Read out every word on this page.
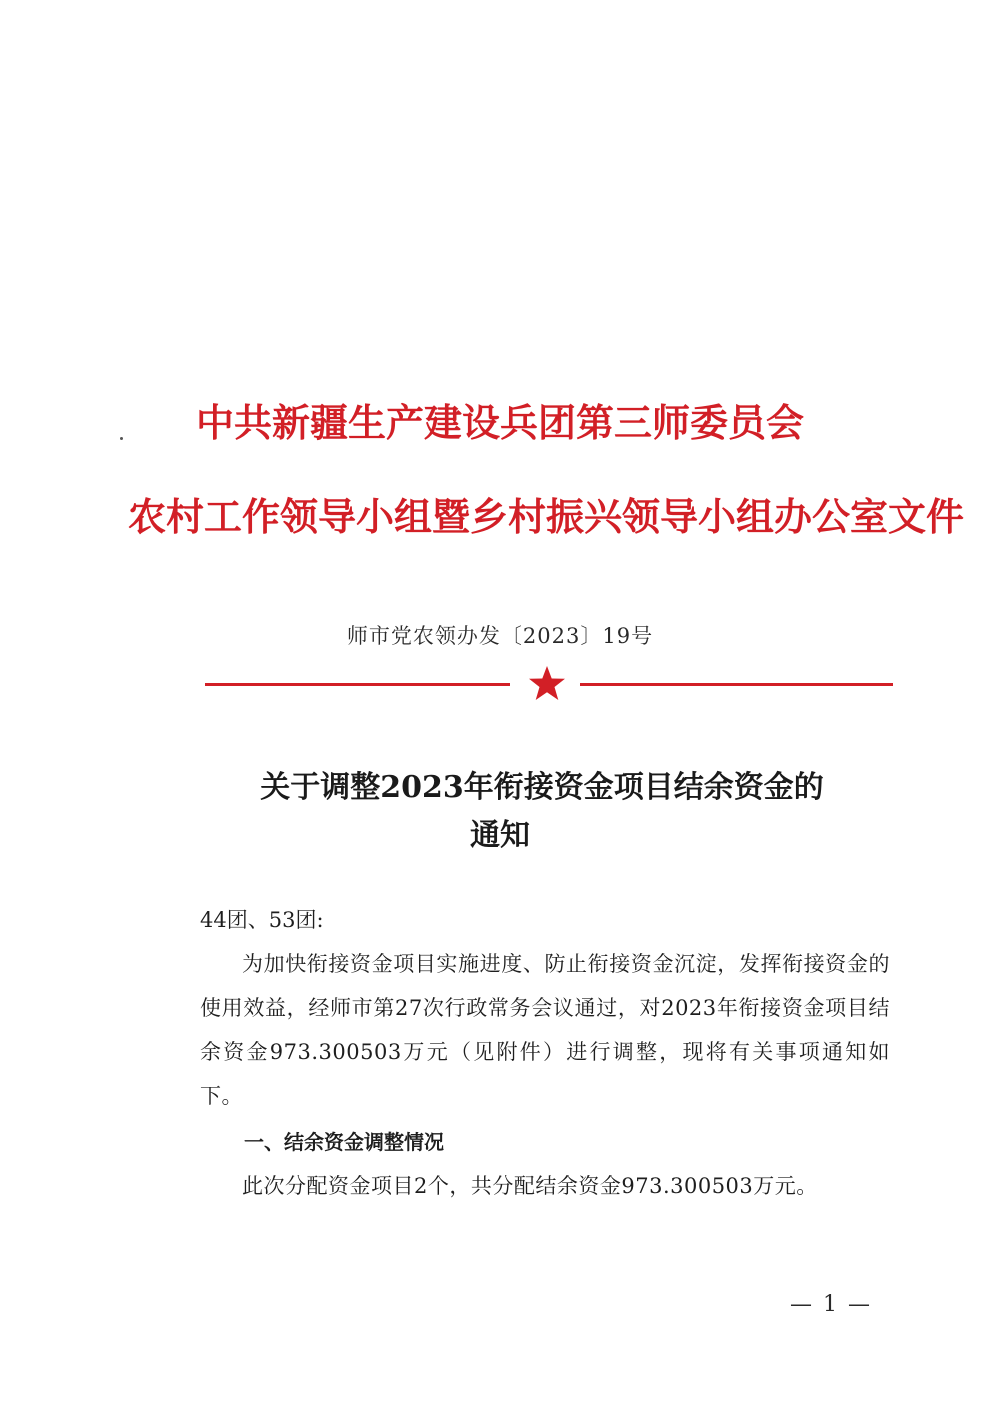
中共新疆生产建设兵团第三师委员会
农村工作领导小组暨乡村振兴领导小组办公室文件
师市党农领办发〔2023〕19号
关于调整2023年衔接资金项目结余资金的
通知
44团、53团:
为加快衔接资金项目实施进度、防止衔接资金沉淀，发挥衔接资金的使用效益，经师市第27次行政常务会议通过，对2023年衔接资金项目结余资金973.300503万元（见附件）进行调整，现将有关事项通知如下。
一、结余资金调整情况
此次分配资金项目2个，共分配结余资金973.300503万元。
— 1 —
